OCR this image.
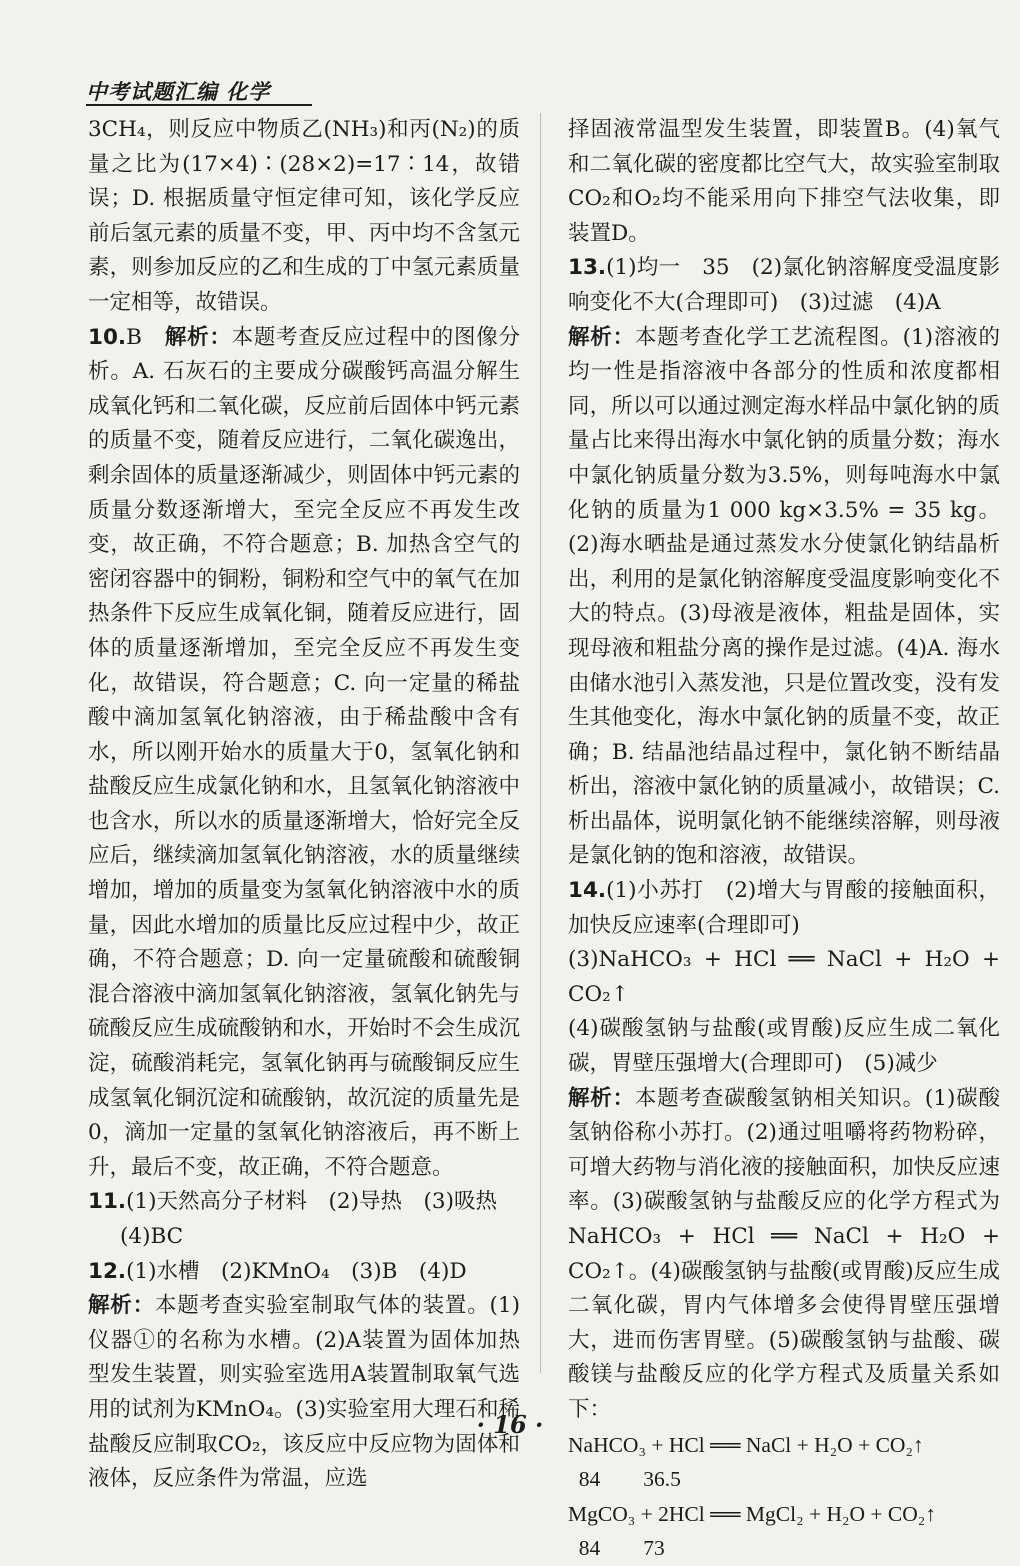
中考试题汇编 化学

3CH₄，则反应中物质乙(NH₃)和丙(N₂)的质量之比为(17×4)∶(28×2)=17∶14，故错误；D. 根据质量守恒定律可知，该化学反应前后氢元素的质量不变，甲、丙中均不含氢元素，则参加反应的乙和生成的丁中氢元素质量一定相等，故错误。

10.B　 解析：本题考查反应过程中的图像分析。A. 石灰石的主要成分碳酸钙高温分解生成氧化钙和二氧化碳，反应前后固体中钙元素的质量不变，随着反应进行，二氧化碳逸出，剩余固体的质量逐渐减少，则固体中钙元素的质量分数逐渐增大，至完全反应不再发生改变，故正确，不符合题意；B. 加热含空气的密闭容器中的铜粉，铜粉和空气中的氧气在加热条件下反应生成氧化铜，随着反应进行，固体的质量逐渐增加，至完全反应不再发生变化，故错误，符合题意；C. 向一定量的稀盐酸中滴加氢氧化钠溶液，由于稀盐酸中含有水，所以刚开始水的质量大于0，氢氧化钠和盐酸反应生成氯化钠和水，且氢氧化钠溶液中也含水，所以水的质量逐渐增大，恰好完全反应后，继续滴加氢氧化钠溶液，水的质量继续增加，增加的质量变为氢氧化钠溶液中水的质量，因此水增加的质量比反应过程中少，故正确，不符合题意；D. 向一定量硫酸和硫酸铜混合溶液中滴加氢氧化钠溶液，氢氧化钠先与硫酸反应生成硫酸钠和水，开始时不会生成沉淀，硫酸消耗完，氢氧化钠再与硫酸铜反应生成氢氧化铜沉淀和硫酸钠，故沉淀的质量先是0，滴加一定量的氢氧化钠溶液后，再不断上升，最后不变，故正确，不符合题意。

11.(1)天然高分子材料　(2)导热　(3)吸热

(4)BC

12.(1)水槽　(2)KMnO₄　(3)B　(4)D

解析：本题考查实验室制取气体的装置。(1)仪器①的名称为水槽。(2)A装置为固体加热型发生装置，则实验室选用A装置制取氧气选用的试剂为KMnO₄。(3)实验室用大理石和稀盐酸反应制取CO₂，该反应中反应物为固体和液体，反应条件为常温，应选

择固液常温型发生装置，即装置B。(4)氧气和二氧化碳的密度都比空气大，故实验室制取CO₂和O₂均不能采用向下排空气法收集，即装置D。

13.(1)均一　35　(2)氯化钠溶解度受温度影响变化不大(合理即可)　(3)过滤　(4)A

解析：本题考查化学工艺流程图。(1)溶液的均一性是指溶液中各部分的性质和浓度都相同，所以可以通过测定海水样品中氯化钠的质量占比来得出海水中氯化钠的质量分数；海水中氯化钠质量分数为3.5%，则每吨海水中氯化钠的质量为1 000 kg×3.5% = 35 kg。(2)海水晒盐是通过蒸发水分使氯化钠结晶析出，利用的是氯化钠溶解度受温度影响变化不大的特点。(3)母液是液体，粗盐是固体，实现母液和粗盐分离的操作是过滤。(4)A. 海水由储水池引入蒸发池，只是位置改变，没有发生其他变化，海水中氯化钠的质量不变，故正确；B. 结晶池结晶过程中，氯化钠不断结晶析出，溶液中氯化钠的质量减小，故错误；C. 析出晶体，说明氯化钠不能继续溶解，则母液是氯化钠的饱和溶液，故错误。

14.(1)小苏打　(2)增大与胃酸的接触面积，加快反应速率(合理即可)

(3)NaHCO₃ + HCl ══ NaCl + H₂O + CO₂↑

(4)碳酸氢钠与盐酸(或胃酸)反应生成二氧化碳，胃壁压强增大(合理即可)　(5)减少

解析：本题考查碳酸氢钠相关知识。(1)碳酸氢钠俗称小苏打。(2)通过咀嚼将药物粉碎，可增大药物与消化液的接触面积，加快反应速率。(3)碳酸氢钠与盐酸反应的化学方程式为NaHCO₃ + HCl ══ NaCl + H₂O + CO₂↑。(4)碳酸氢钠与盐酸(或胃酸)反应生成二氧化碳，胃内气体增多会使得胃壁压强增大，进而伤害胃壁。(5)碳酸氢钠与盐酸、碳酸镁与盐酸反应的化学方程式及质量关系如下：

NaHCO₃ + HCl ══ NaCl + H₂O + CO₂↑

84        36.5

MgCO₃ + 2HCl ══ MgCl₂ + H₂O + CO₂↑

84        73

· 16 ·
